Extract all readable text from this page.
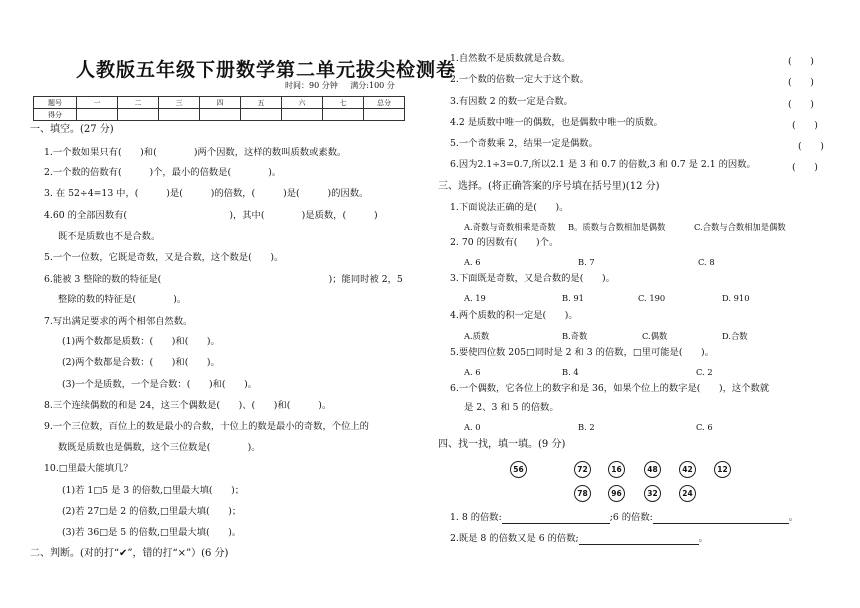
人教版五年级下册数学第二单元拔尖检测卷
时间：90 分钟 满分:100 分
题号	一	二	三	四	五	六	七	总分
得分								
一、填空。(27 分)
1.一个数如果只有(　　)和(　　　　)两个因数，这样的数叫质数或素数。
2.一个数的倍数有(　　　)个，最小的倍数是(　　　　)。
3. 在 52÷4=13 中，(　　　)是(　　　)的倍数，(　　　)是(　　　)的因数。
4.60 的全部因数有(　　　　　　　　　　　)，其中(　　　　)是质数，(　　　)
既不是质数也不是合数。
5.一个一位数，它既是奇数，又是合数，这个数是(　　)。
6.能被 3 整除的数的特征是(　　　　　　　　　　　　　　　　　　)；能同时被 2，5
整除的数的特征是(　　　　)。
7.写出满足要求的两个相邻自然数。
(1)两个数都是质数：(　　)和(　　)。
(2)两个数都是合数：(　　)和(　　)。
(3)一个是质数，一个是合数：(　　)和(　　)。
8.三个连续偶数的和是 24，这三个偶数是(　　)、(　　)和(　　　)。
9.一个三位数，百位上的数是最小的合数，十位上的数是最小的奇数，个位上的
数既是质数也是偶数，这个三位数是(　　　　)。
10.□里最大能填几？
(1)若 1□5 是 3 的倍数,□里最大填(　　)；
(2)若 27□是 2 的倍数,□里最大填(　　)；
(3)若 36□是 5 的倍数,□里最大填(　　)。
二、判断。(对的打“✔”，错的打“×”）(6 分)
1.自然数不是质数就是合数。	(　　)
2.一个数的倍数一定大于这个数。	(　　)
3.有因数 2 的数一定是合数。	(　　)
4.2 是质数中唯一的偶数，也是偶数中唯一的质数。	(　　)
5.一个奇数乘 2，结果一定是偶数。	(　　)
6.因为2.1÷3=0.7,所以2.1 是 3 和 0.7 的倍数,3 和 0.7 是 2.1 的因数。	(　　)
三、选择。(将正确答案的序号填在括号里)(12 分)
1.下面说法正确的是(　　)。
A.奇数与奇数相乘是奇数 B。质数与合数相加是偶数	C.合数与合数相加是偶数
2. 70 的因数有(　　)个。
A. 6	B. 7	C. 8
3.下面既是奇数，又是合数的是(　　)。
A. 19	B. 91	C. 190	D. 910
4.两个质数的积一定是(　　)。
A.质数	B.奇数	C.偶数	D.合数
5.要使四位数 205□同时是 2 和 3 的倍数，□里可能是(　　)。
A. 6	B. 4	C. 2
6.一个偶数，它各位上的数字和是 36，如果个位上的数字是(　　)，这个数就
是 2、3 和 5 的倍数。
A. 0	B. 2	C. 6
四、找一找，填一填。(9 分)
56	72	16	48	42	12
78	96	32	24
1. 8 的倍数:	;6 的倍数:	。
2.既是 8 的倍数又是 6 的倍数;	。
